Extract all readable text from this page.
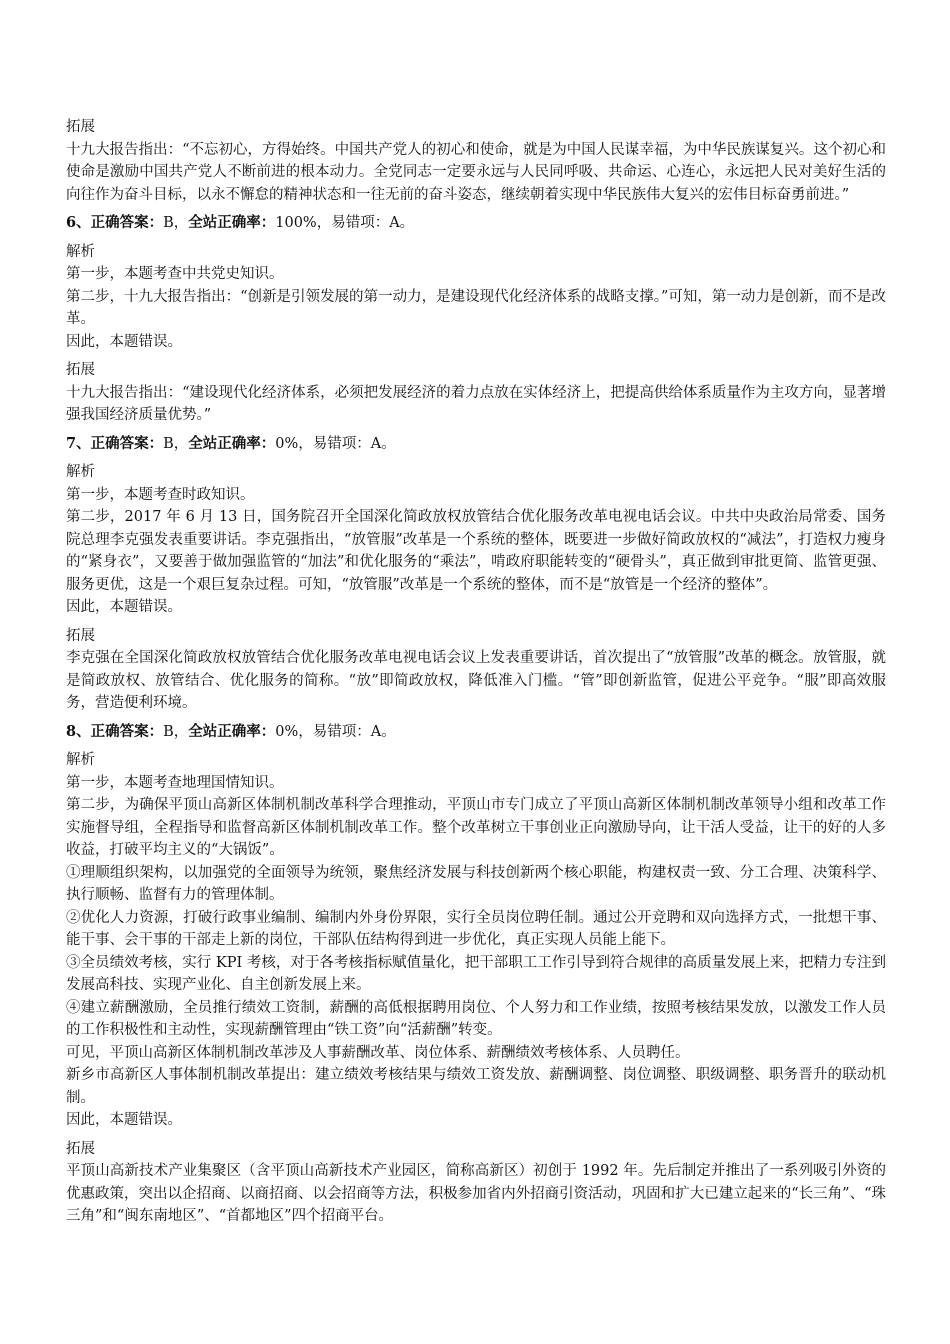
拓展
十九大报告指出：“不忘初心，方得始终。中国共产党人的初心和使命，就是为中国人民谋幸福，为中华民族谋复兴。这个初心和使命是激励中国共产党人不断前进的根本动力。全党同志一定要永远与人民同呼吸、共命运、心连心，永远把人民对美好生活的向往作为奋斗目标，以永不懈怠的精神状态和一往无前的奋斗姿态，继续朝着实现中华民族伟大复兴的宏伟目标奋勇前进。”
6、正确答案：B，全站正确率：100%，易错项：A。
解析
第一步，本题考查中共党史知识。
第二步，十九大报告指出：“创新是引领发展的第一动力，是建设现代化经济体系的战略支撑。”可知，第一动力是创新，而不是改革。
因此，本题错误。
拓展
十九大报告指出：“建设现代化经济体系，必须把发展经济的着力点放在实体经济上，把提高供给体系质量作为主攻方向，显著增强我国经济质量优势。”
7、正确答案：B，全站正确率：0%，易错项：A。
解析
第一步，本题考查时政知识。
第二步，2017 年 6 月 13 日，国务院召开全国深化简政放权放管结合优化服务改革电视电话会议。中共中央政治局常委、国务院总理李克强发表重要讲话。李克强指出，“放管服”改革是一个系统的整体，既要进一步做好简政放权的“减法”，打造权力瘦身的“紧身衣”，又要善于做加强监管的“加法”和优化服务的“乘法”，啃政府职能转变的“硬骨头”，真正做到审批更简、监管更强、服务更优，这是一个艰巨复杂过程。可知，“放管服”改革是一个系统的整体，而不是“放管是一个经济的整体”。
因此，本题错误。
拓展
李克强在全国深化简政放权放管结合优化服务改革电视电话会议上发表重要讲话，首次提出了“放管服”改革的概念。放管服，就是简政放权、放管结合、优化服务的简称。“放”即简政放权，降低准入门槛。“管”即创新监管，促进公平竞争。“服”即高效服务，营造便利环境。
8、正确答案：B，全站正确率：0%，易错项：A。
解析
第一步，本题考查地理国情知识。
第二步，为确保平顶山高新区体制机制改革科学合理推动，平顶山市专门成立了平顶山高新区体制机制改革领导小组和改革工作实施督导组，全程指导和监督高新区体制机制改革工作。整个改革树立干事创业正向激励导向，让干活人受益，让干的好的人多收益，打破平均主义的“大锅饭”。
①理顺组织架构，以加强党的全面领导为统领，聚焦经济发展与科技创新两个核心职能，构建权责一致、分工合理、决策科学、执行顺畅、监督有力的管理体制。
②优化人力资源，打破行政事业编制、编制内外身份界限，实行全员岗位聘任制。通过公开竞聘和双向选择方式，一批想干事、能干事、会干事的干部走上新的岗位，干部队伍结构得到进一步优化，真正实现人员能上能下。
③全员绩效考核，实行 KPI 考核，对于各考核指标赋值量化，把干部职工工作引导到符合规律的高质量发展上来，把精力专注到发展高科技、实现产业化、自主创新发展上来。
④建立薪酬激励，全员推行绩效工资制，薪酬的高低根据聘用岗位、个人努力和工作业绩，按照考核结果发放，以激发工作人员的工作积极性和主动性，实现薪酬管理由“铁工资”向“活薪酬”转变。
可见，平顶山高新区体制机制改革涉及人事薪酬改革、岗位体系、薪酬绩效考核体系、人员聘任。
新乡市高新区人事体制机制改革提出：建立绩效考核结果与绩效工资发放、薪酬调整、岗位调整、职级调整、职务晋升的联动机制。
因此，本题错误。
拓展
平顶山高新技术产业集聚区（含平顶山高新技术产业园区，简称高新区）初创于 1992 年。先后制定并推出了一系列吸引外资的优惠政策，突出以企招商、以商招商、以会招商等方法，积极参加省内外招商引资活动，巩固和扩大已建立起来的“长三角”、“珠三角”和“闽东南地区”、“首都地区”四个招商平台。
